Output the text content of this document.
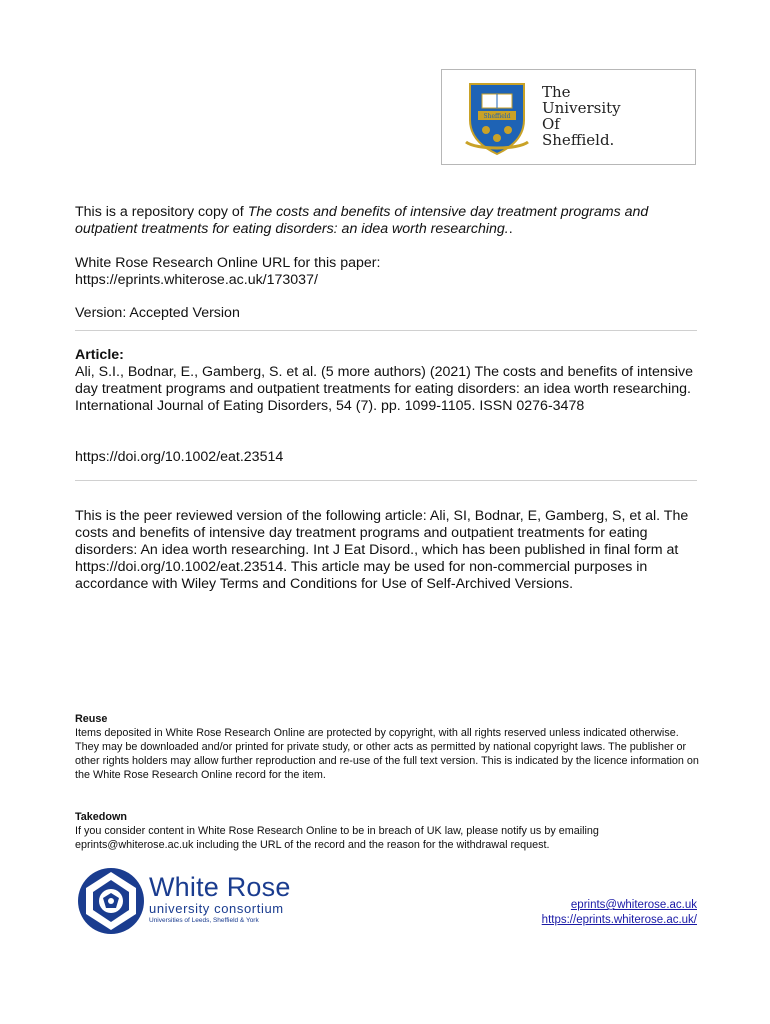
Sheffield
The
University
Of
Sheffield.
This is a repository copy of The costs and benefits of intensive day treatment programs and outpatient treatments for eating disorders: an idea worth researching..
White Rose Research Online URL for this paper:
https://eprints.whiterose.ac.uk/173037/
Version: Accepted Version
Article:
Ali, S.I., Bodnar, E., Gamberg, S. et al. (5 more authors) (2021) The costs and benefits of intensive day treatment programs and outpatient treatments for eating disorders: an idea worth researching. International Journal of Eating Disorders, 54 (7). pp. 1099-1105. ISSN 0276-3478
https://doi.org/10.1002/eat.23514
This is the peer reviewed version of the following article: Ali, SI, Bodnar, E, Gamberg, S, et al. The costs and benefits of intensive day treatment programs and outpatient treatments for eating disorders: An idea worth researching. Int J Eat Disord., which has been published in final form at https://doi.org/10.1002/eat.23514. This article may be used for non-commercial purposes in accordance with Wiley Terms and Conditions for Use of Self-Archived Versions.
Reuse
Items deposited in White Rose Research Online are protected by copyright, with all rights reserved unless indicated otherwise. They may be downloaded and/or printed for private study, or other acts as permitted by national copyright laws. The publisher or other rights holders may allow further reproduction and re-use of the full text version. This is indicated by the licence information on the White Rose Research Online record for the item.
Takedown
If you consider content in White Rose Research Online to be in breach of UK law, please notify us by emailing eprints@whiterose.ac.uk including the URL of the record and the reason for the withdrawal request.
White Rose
university consortium
Universities of Leeds, Sheffield & York
eprints@whiterose.ac.uk
https://eprints.whiterose.ac.uk/
